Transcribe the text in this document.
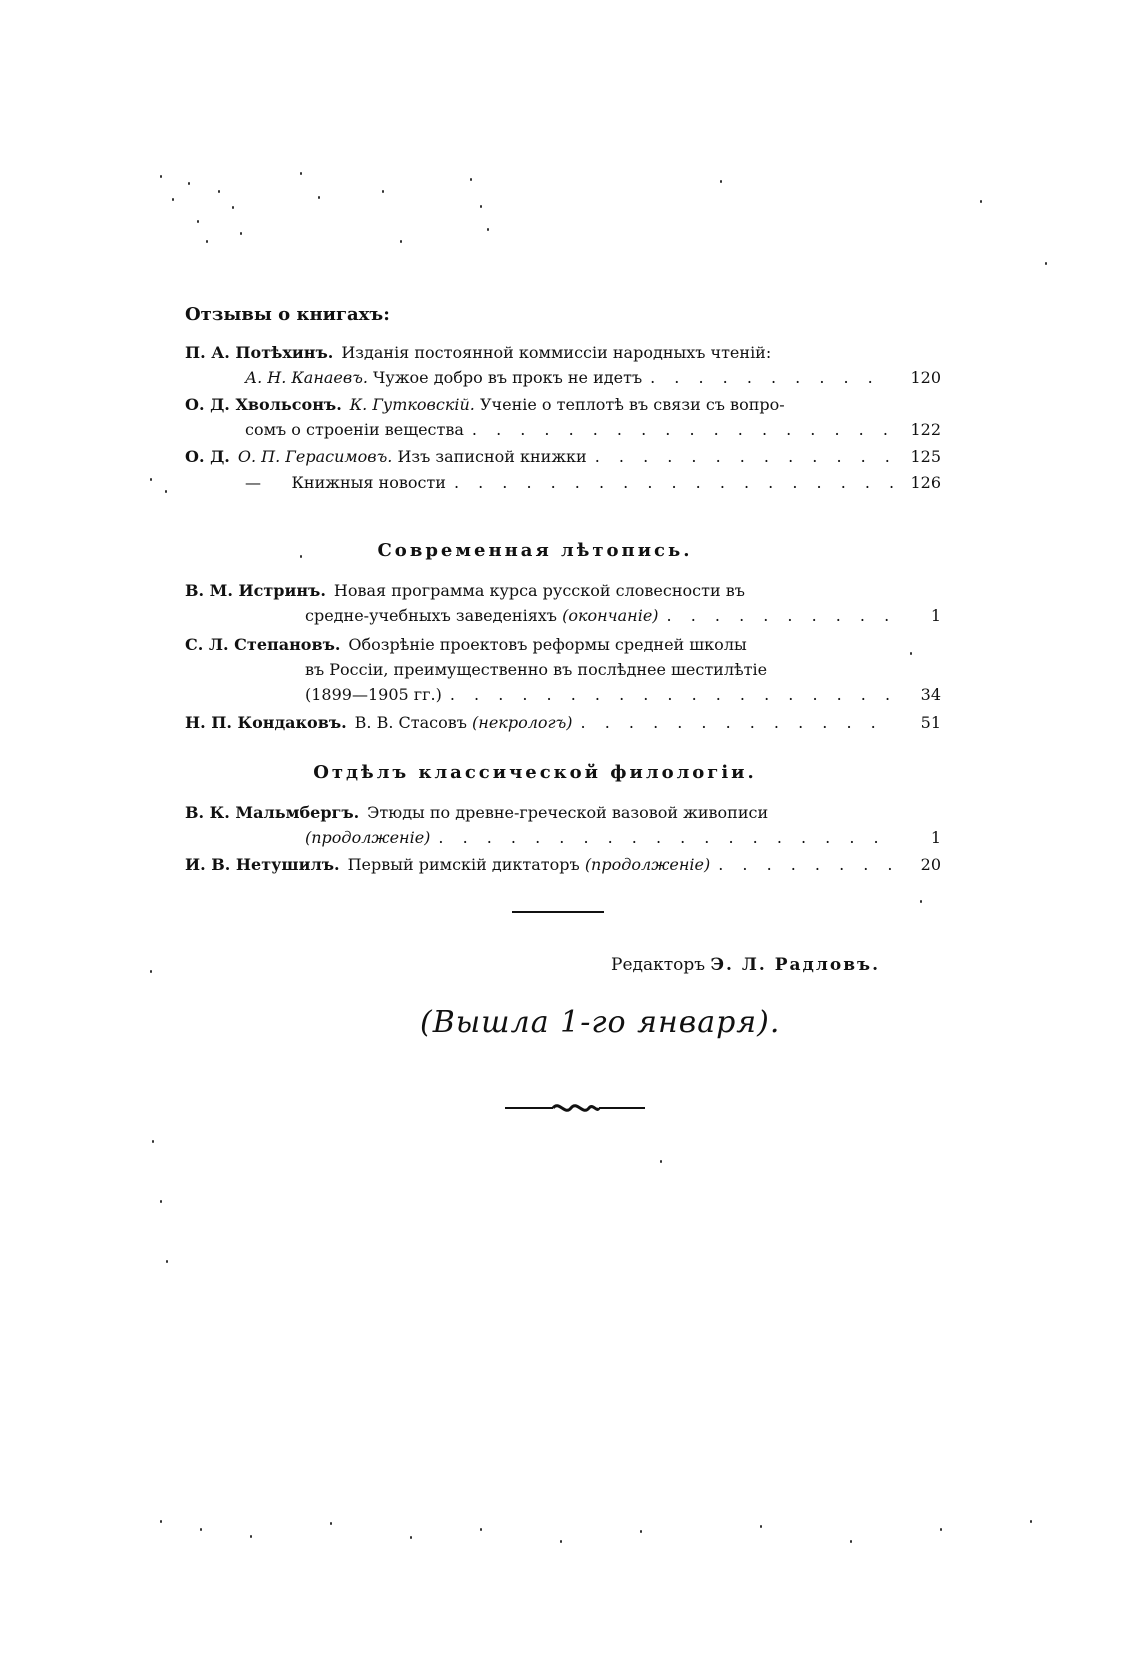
Отзывы о книгахъ:
П. А. Потѣхинъ. Изданія постоянной коммиссіи народныхъ чтеній:
А. Н. Канаевъ.
Чужое добро въ прокъ не идетъ . . .	120
О. Д. Хвольсонъ. К. Гутковскій.
Ученіе о теплотѣ въ связи съ вопро-
сомъ о строеніи вещества . . .	122
О. Д. О. П. Герасимовъ.
Изъ записной книжки . . .	125
—
Книжныя новости . . .	126
Современная лѣтопись.
В. М. Истринъ. Новая программа курса русской словесности въ
средне-учебныхъ заведеніяхъ
(окончаніе) . . .	1
С. Л. Степановъ. Обозрѣніе проектовъ реформы средней школы
въ Россіи, преимущественно въ послѣднее шестилѣтіе
(1899—1905 гг.) . . .	34
Н. П. Кондаковъ. В. В. Стасовъ
(некрологъ) . . .	51
Отдѣлъ классической филологіи.
В. К. Мальмбергъ. Этюды по древне-греческой вазовой живописи
(продолженіе) . . .	1
И. В. Нетушилъ. Первый римскій диктаторъ
(продолженіе) . . .	20
Редакторъ Э. Л. Радловъ.
(Вышла 1-го января).
